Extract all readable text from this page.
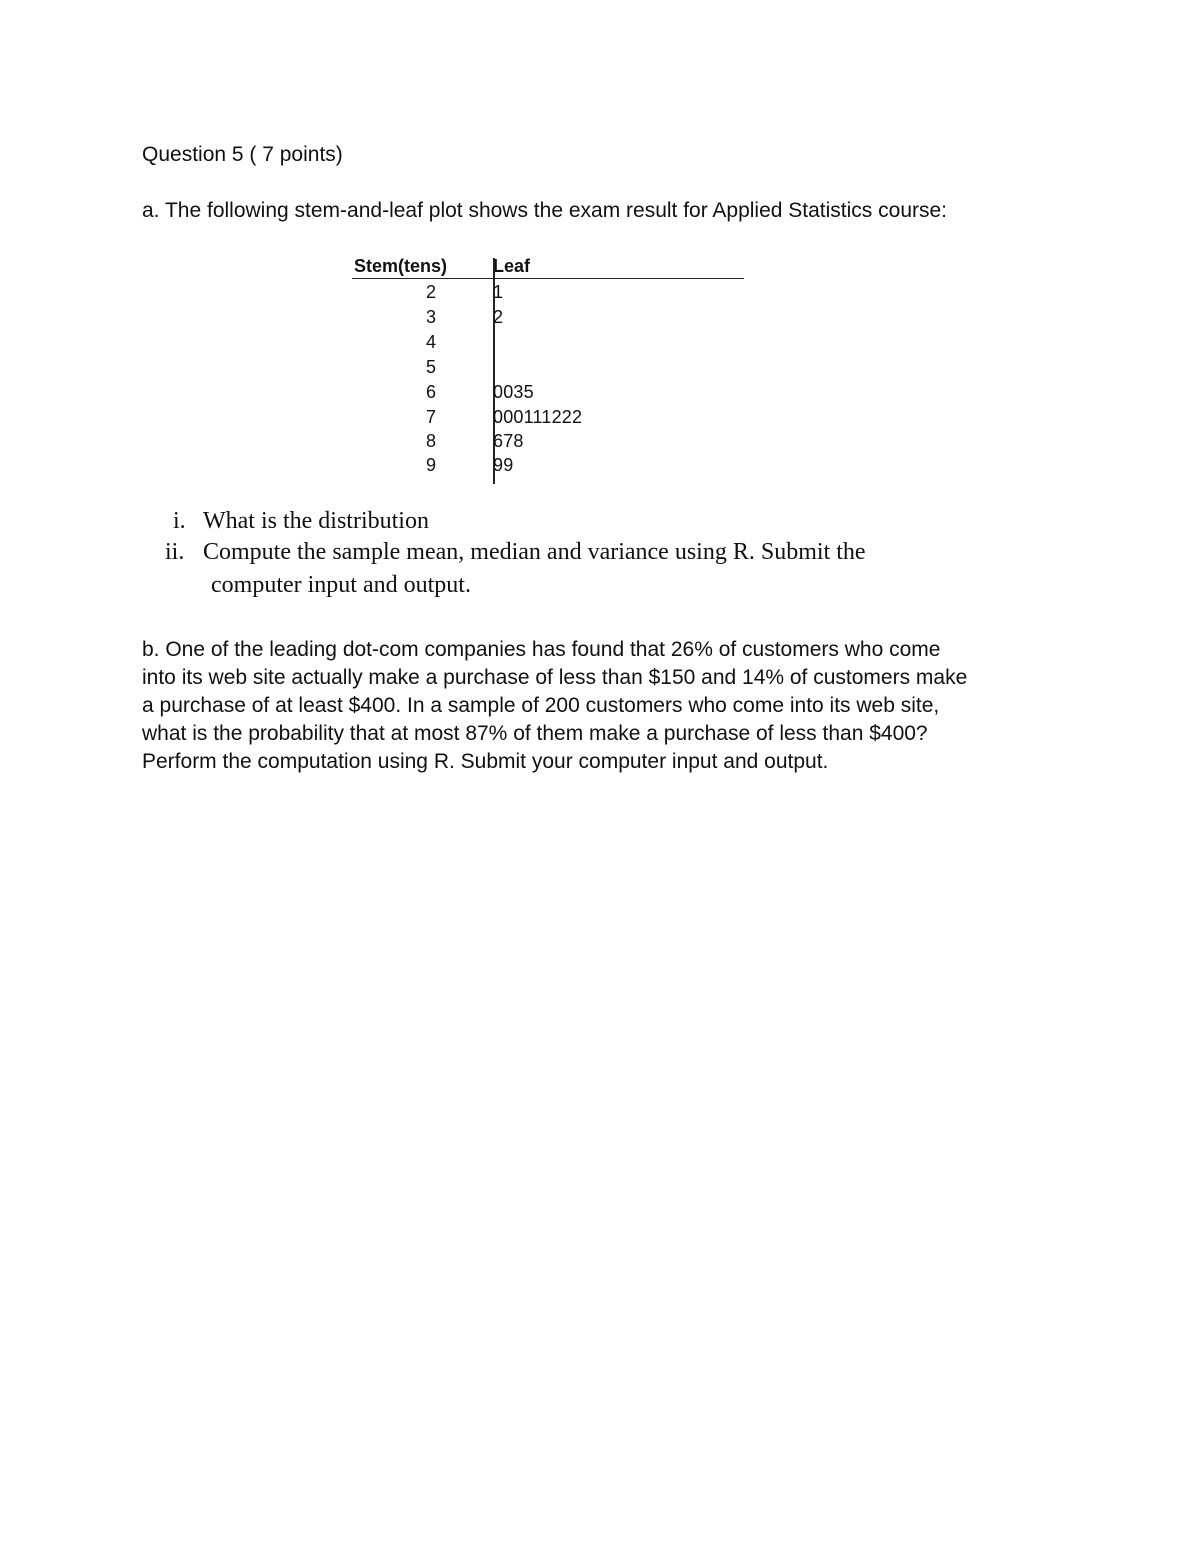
Question 5 ( 7 points)
a. The following stem-and-leaf plot shows the exam result for Applied Statistics course:
Stem(tens)	Leaf
2	1
3	2
4
5
6	0035
7	000111222
8	678
9	99
i. What is the distribution
ii. Compute the sample mean, median and variance using R. Submit the
computer input and output.
b. One of the leading dot-com companies has found that 26% of customers who come
into its web site actually make a purchase of less than $150 and 14% of customers make
a purchase of at least $400. In a sample of 200 customers who come into its web site,
what is the probability that at most 87% of them make a purchase of less than $400?
Perform the computation using R. Submit your computer input and output.
